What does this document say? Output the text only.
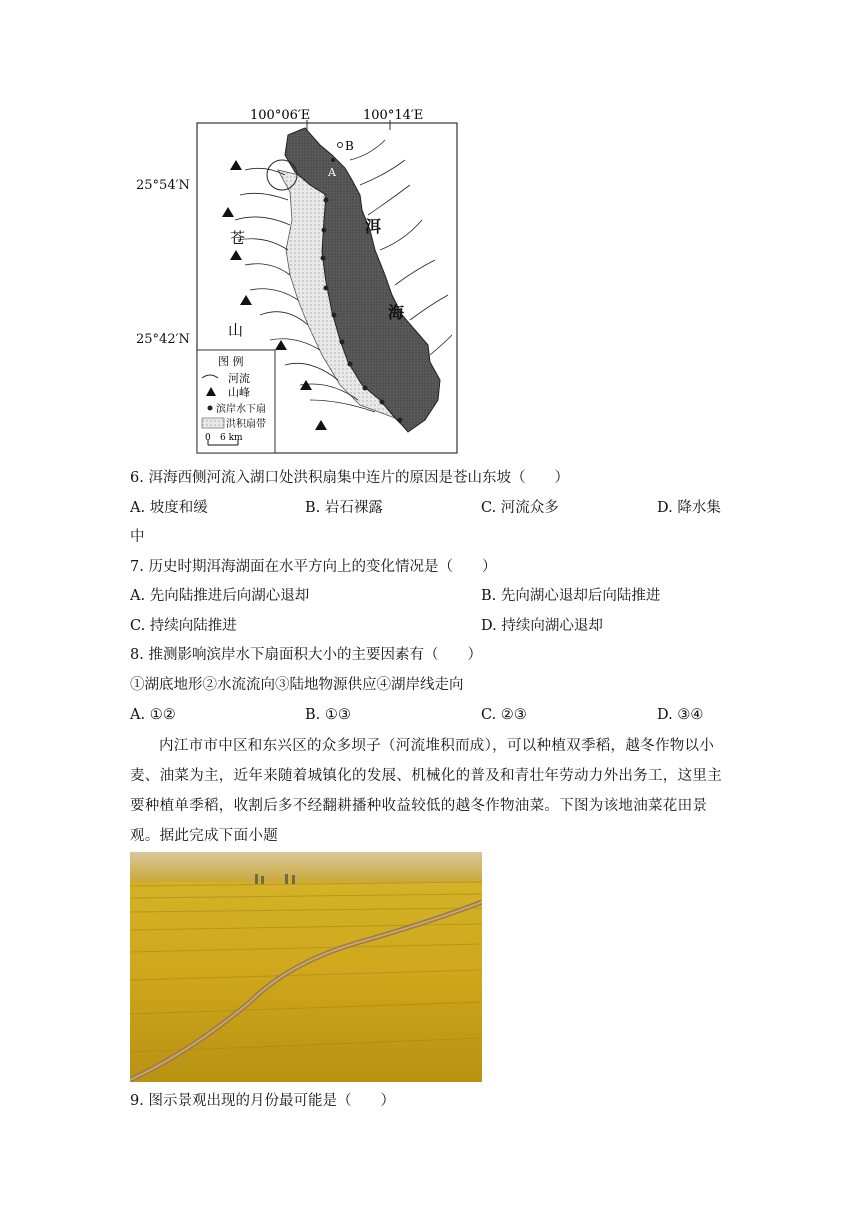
100°06′E	100°14′E
B
A
洱
海
苍
山
图 例
河流
山峰
滨岸水下扇
洪积扇带
0 6 km
25°54′N
25°42′N
6. 洱海西侧河流入湖口处洪积扇集中连片的原因是苍山东坡（　　）
A. 坡度和缓	B. 岩石裸露	C. 河流众多	D. 降水集
中
7. 历史时期洱海湖面在水平方向上的变化情况是（　　）
A. 先向陆推进后向湖心退却	B. 先向湖心退却后向陆推进
C. 持续向陆推进	D. 持续向湖心退却
8. 推测影响滨岸水下扇面积大小的主要因素有（　　）
①湖底地形②水流流向③陆地物源供应④湖岸线走向
A. ①②	B. ①③	C. ②③	D. ③④
内江市市中区和东兴区的众多坝子（河流堆积而成），可以种植双季稻，越冬作物以小麦、油菜为主，近年来随着城镇化的发展、机械化的普及和青壮年劳动力外出务工，这里主要种植单季稻，收割后多不经翻耕播种收益较低的越冬作物油菜。下图为该地油菜花田景观。据此完成下面小题
9. 图示景观出现的月份最可能是（　　）
